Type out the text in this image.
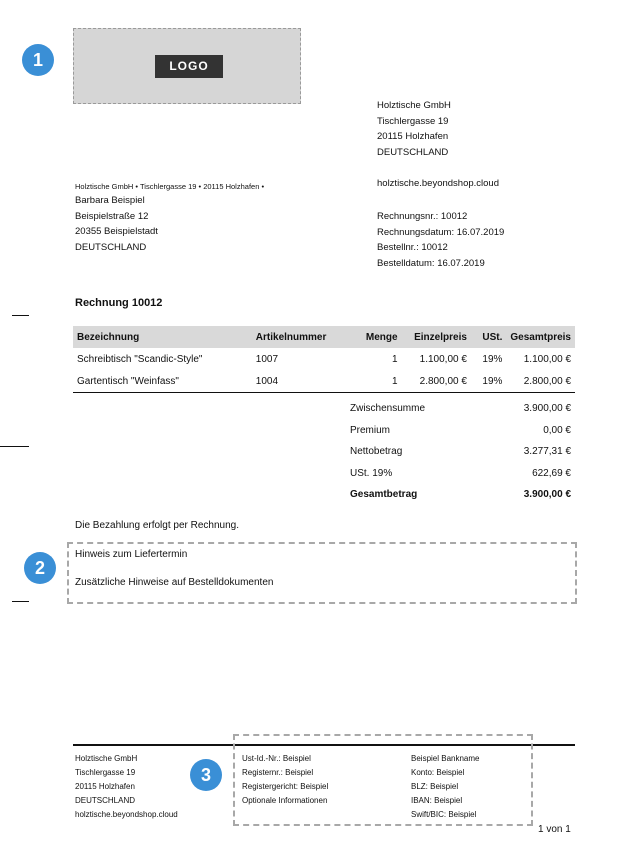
1
2
3
LOGO
Holztische GmbH
Tischlergasse 19
20115 Holzhafen
DEUTSCHLAND
holztische.beyondshop.cloud
Holztische GmbH • Tischlergasse 19 • 20115 Holzhafen •
Barbara Beispiel
Beispielstraße 12
20355 Beispielstadt
DEUTSCHLAND
Rechnungsnr.: 10012
Rechnungsdatum: 16.07.2019
Bestellnr.: 10012
Bestelldatum: 16.07.2019
Rechnung 10012
Bezeichnung	Artikelnummer	Menge	Einzelpreis	USt.	Gesamtpreis
Schreibtisch "Scandic-Style"	1007	1	1.100,00 €	19%	1.100,00 €
Gartentisch "Weinfass"	1004	1	2.800,00 €	19%	2.800,00 €
Zwischensumme	3.900,00 €
Premium	0,00 €
Nettobetrag	3.277,31 €
USt. 19%	622,69 €
Gesamtbetrag	3.900,00 €
Die Bezahlung erfolgt per Rechnung.
Hinweis zum Liefertermin
Zusätzliche Hinweise auf Bestelldokumenten
Holztische GmbH
Tischlergasse 19
20115 Holzhafen
DEUTSCHLAND
holztische.beyondshop.cloud
Ust-Id.-Nr.: Beispiel
Registernr.: Beispiel
Registergericht: Beispiel
Optionale Informationen
Beispiel Bankname
Konto: Beispiel
BLZ: Beispiel
IBAN: Beispiel
Swift/BIC: Beispiel
1 von 1
